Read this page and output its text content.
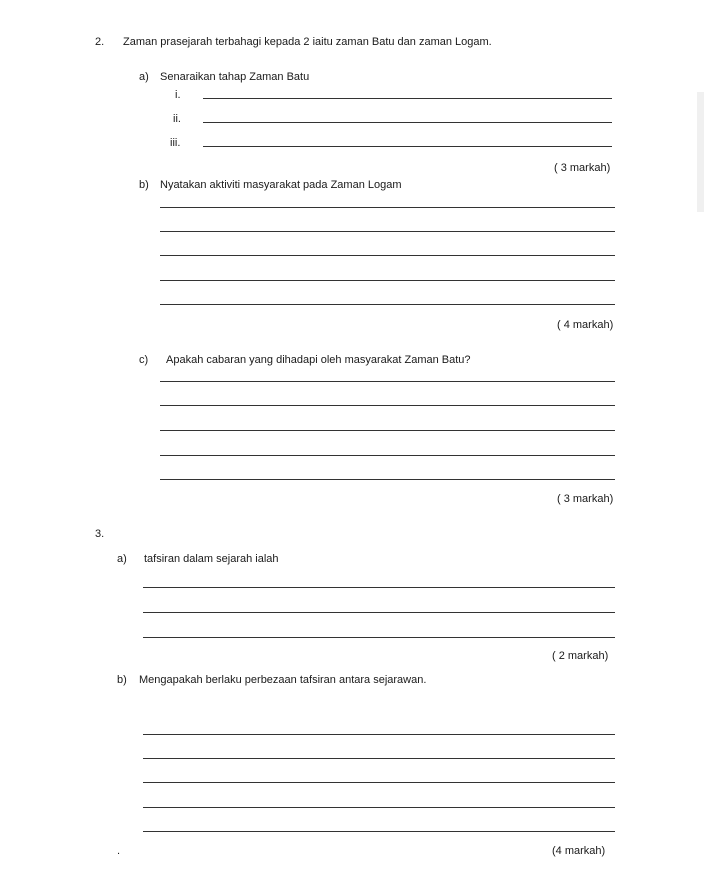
2. Zaman prasejarah terbahagi kepada 2 iaitu zaman Batu dan zaman Logam.
a) Senaraikan tahap Zaman Batu
i.
ii.
iii.
( 3 markah)
b) Nyatakan aktiviti masyarakat pada Zaman Logam
( 4 markah)
c) Apakah cabaran yang dihadapi oleh masyarakat Zaman Batu?
( 3 markah)
3.
a) tafsiran dalam sejarah ialah
( 2 markah)
b) Mengapakah berlaku perbezaan tafsiran antara sejarawan.
.	(4 markah)
